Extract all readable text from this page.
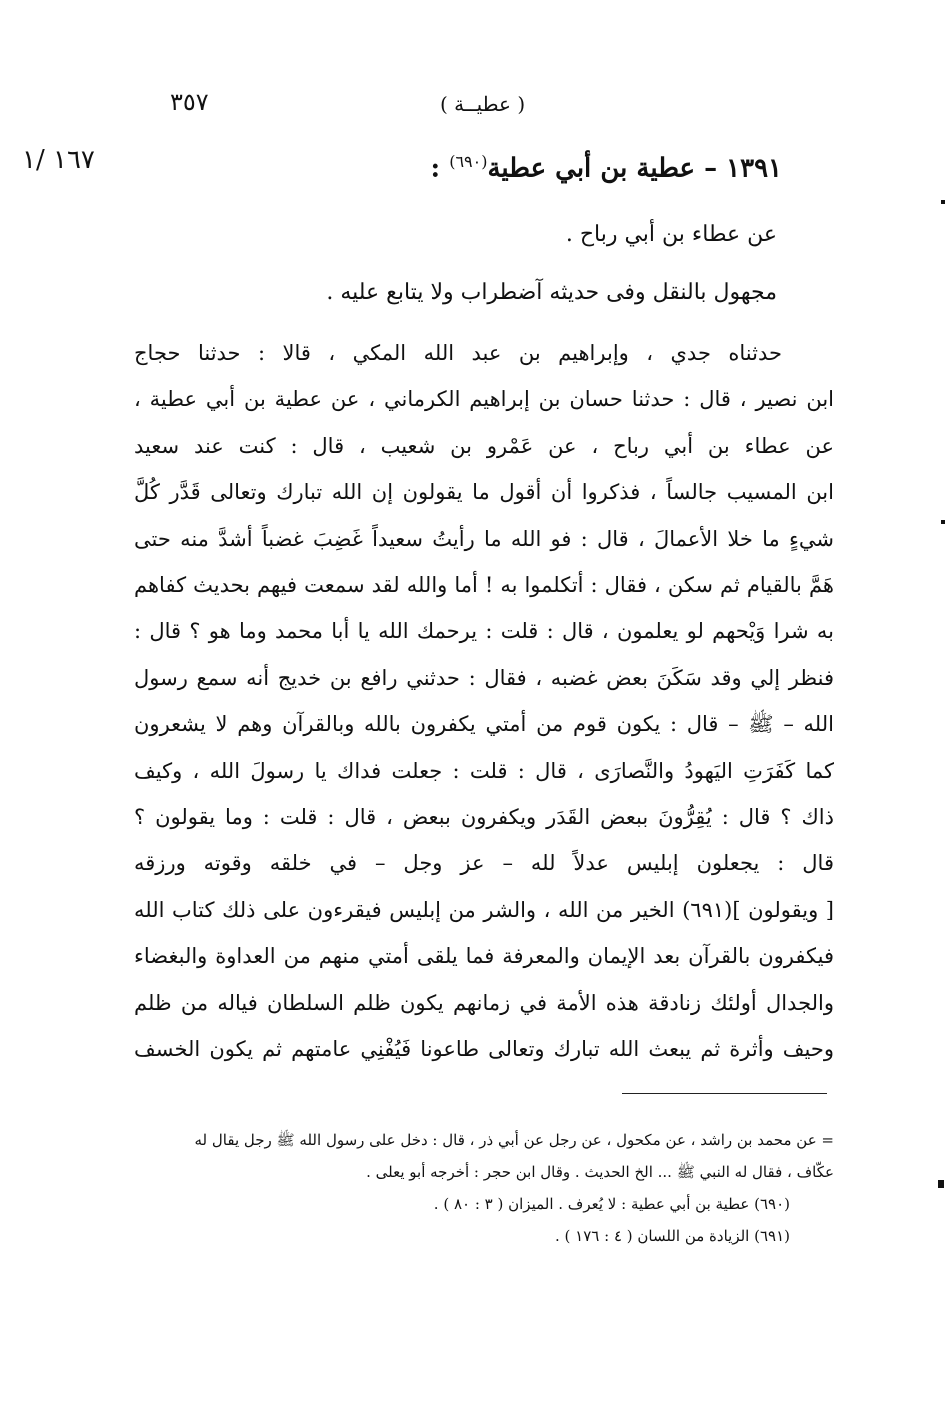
٣٥٧	( عطيــة )
١٦٧ /١	١٣٩١ – عطية بن أبي عطية$^{(٦٩٠)}$ :
عن عطاء بن أبي رباح .
مجهول بالنقل وفى حديثه آضطراب ولا يتابع عليه .
حدثناه جدي ، وإبراهيم بن عبد الله المكي ، قالا : حدثنا حجاج
ابن نصير ، قال : حدثنا حسان بن إبراهيم الكرماني ، عن عطية بن أبي عطية ،
عن عطاء بن أبي رباح ، عن عَمْرو بن شعيب ، قال : كنت عند سعيد
ابن المسيب جالساً ، فذكروا أن أقول ما يقولون إن الله تبارك وتعالى قَدَّر كُلَّ
شيءٍ ما خلا الأعمالَ ، قال : فو الله ما رأيتُ سعيداً غَضِبَ غضباً أشدَّ منه حتى
هَمَّ بالقيام ثم سكن ، فقال : أتكلموا به ! أما والله لقد سمعت فيهم بحديث كفاهم
به شرا وَيْحهم لو يعلمون ، قال : قلت : يرحمك الله يا أبا محمد وما هو ؟ قال :
فنظر إلي وقد سَكَنَ بعض غضبه ، فقال : حدثني رافع بن خديج أنه سمع رسول
الله – ﷺ – قال : يكون قوم من أمتي يكفرون بالله وبالقرآن وهم لا يشعرون
كما كَفَرَتِ اليَهودُ والنَّصارَى ، قال : قلت : جعلت فداك يا رسولَ الله ، وكيف
ذاك ؟ قال : يُقِرُّونَ ببعض القَدَر ويكفرون ببعض ، قال : قلت : وما يقولون ؟
قال : يجعلون إبليس عدلاً لله – عز وجل – في خلقه وقوته ورزقه
[ ويقولون ](٦٩١) الخير من الله ، والشر من إبليس فيقرءون على ذلك كتاب الله
فيكفرون بالقرآن بعد الإيمان والمعرفة فما يلقى أمتي منهم من العداوة والبغضاء
والجدال أولئك زنادقة هذه الأمة في زمانهم يكون ظلم السلطان فياله من ظلم
وحيف وأثرة ثم يبعث الله تبارك وتعالى طاعونا فَيُفْنِي عامتهم ثم يكون الخسف
= عن محمد بن راشد ، عن مكحول ، عن رجل عن أبي ذر ، قال : دخل على رسول الله ﷺ رجل يقال له
عكّاف ، فقال له النبي ﷺ ... الخ الحديث . وقال ابن حجر : أخرجه أبو يعلى .
(٦٩٠) عطية بن أبي عطية : لا يُعرف . الميزان ( ٣ : ٨٠ ) .
(٦٩١) الزيادة من اللسان ( ٤ : ١٧٦ ) .
